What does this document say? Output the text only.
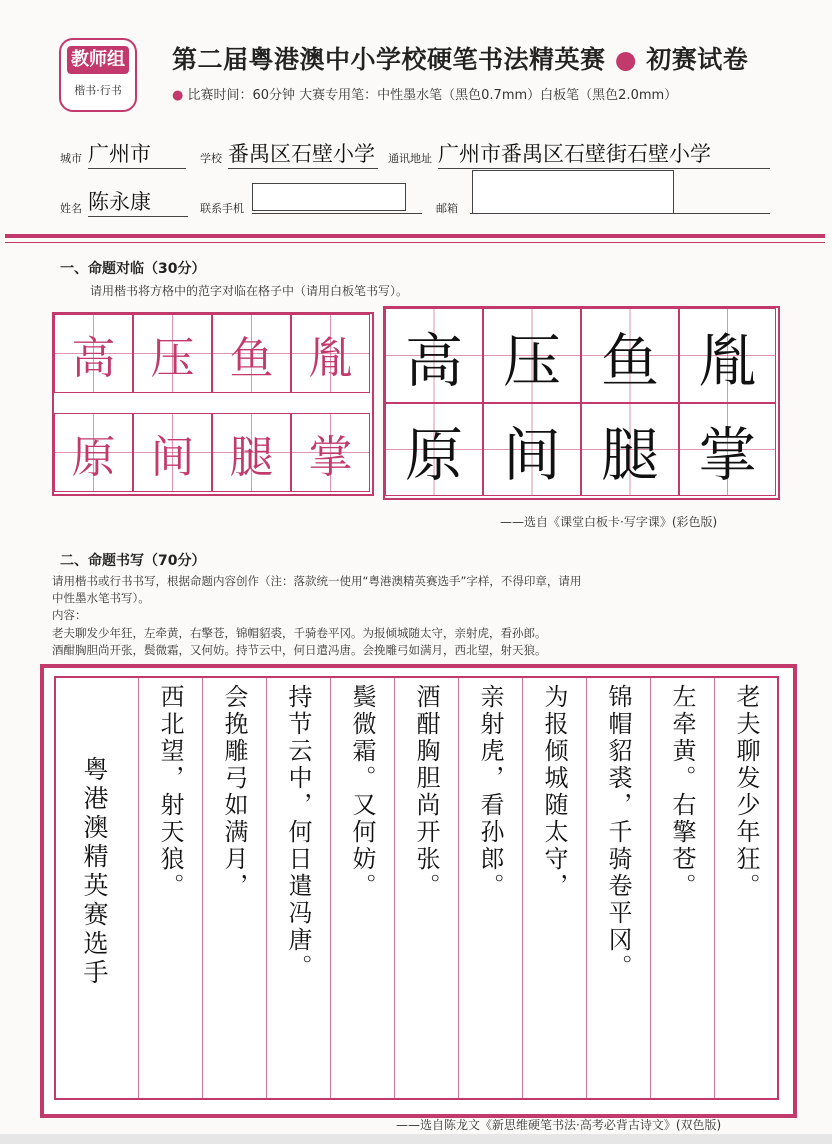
教师组
楷书·行书
第二届粤港澳中小学校硬笔书法精英赛 ● 初赛试卷
● 比赛时间：60分钟 大赛专用笔：中性墨水笔（黑色0.7mm）白板笔（黑色2.0mm）
城市 广州市	学校 番禺区石壁小学 通讯地址 广州市番禺区石壁街石壁小学
姓名 陈永康	联系手机	邮箱
一、命题对临（30分）
请用楷书将方格中的范字对临在格子中（请用白板笔书写）。
高 压 鱼 胤
原 间 腿 掌
高 压 鱼 胤
原 间 腿 掌
——选自《课堂白板卡·写字课》(彩色版)
二、命题书写（70分）
请用楷书或行书书写，根据命题内容创作（注：落款统一使用“粤港澳精英赛选手”字样，不得印章，请用
中性墨水笔书写）。
内容：
老夫聊发少年狂，左牵黄，右擎苍，锦帽貂裘，千骑卷平冈。为报倾城随太守，亲射虎，看孙郎。
酒酣胸胆尚开张，鬓微霜，又何妨。持节云中，何日遣冯唐。会挽雕弓如满月，西北望，射天狼。
粤港澳精英赛选手	老夫聊发少年狂。
左牵黄。右擎苍。
锦帽貂裘，千骑卷平冈。
为报倾城随太守，
亲射虎，看孙郎。
酒酣胸胆尚开张。
鬓微霜。又何妨。
持节云中，何日遣冯唐。
会挽雕弓如满月，
西北望，射天狼。
——选自陈龙文《新思维硬笔书法·高考必背古诗文》(双色版)
